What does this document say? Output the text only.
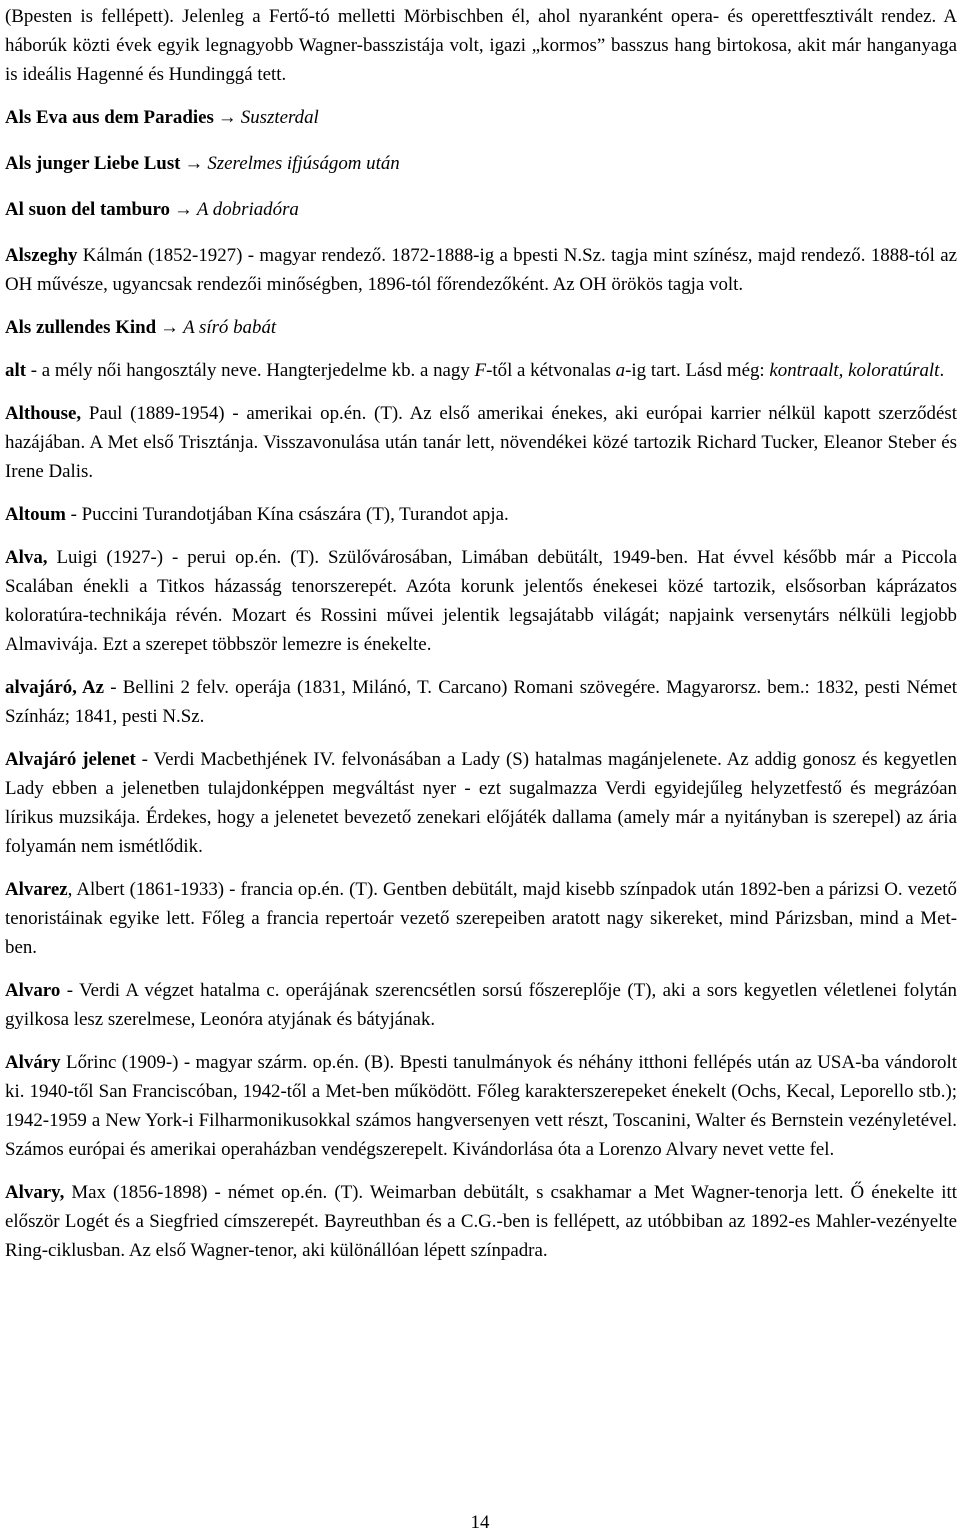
(Bpesten is fellépett). Jelenleg a Fertő-tó melletti Mörbischben él, ahol nyaranként opera- és operettfesztivált rendez. A háborúk közti évek egyik legnagyobb Wagner-basszistája volt, igazi „kormos” basszus hang birtokosa, akit már hanganyaga is ideális Hagenné és Hundinggá tett.

Als Eva aus dem Paradies → Suszterdal

Als junger Liebe Lust → Szerelmes ifjúságom után

Al suon del tamburo → A dobriadóra

Alszeghy Kálmán (1852-1927) - magyar rendező. 1872-1888-ig a bpesti N.Sz. tagja mint színész, majd rendező. 1888-tól az OH művésze, ugyancsak rendezői minőségben, 1896-tól főrendezőként. Az OH örökös tagja volt.

Als zullendes Kind → A síró babát

alt - a mély női hangosztály neve. Hangterjedelme kb. a nagy F-től a kétvonalas a-ig tart. Lásd még: kontraalt, koloratúralt.

Althouse, Paul (1889-1954) - amerikai op.én. (T). Az első amerikai énekes, aki európai karrier nélkül kapott szerződést hazájában. A Met első Trisztánja. Visszavonulása után tanár lett, növendékei közé tartozik Richard Tucker, Eleanor Steber és Irene Dalis.

Altoum - Puccini Turandotjában Kína császára (T), Turandot apja.

Alva, Luigi (1927-) - perui op.én. (T). Szülővárosában, Limában debütált, 1949-ben. Hat évvel később már a Piccola Scalában énekli a Titkos házasság tenorszerepét. Azóta korunk jelentős énekesei közé tartozik, elsősorban káprázatos koloratúra-technikája révén. Mozart és Rossini művei jelentik legsajátabb világát; napjaink versenytárs nélküli legjobb Almavivája. Ezt a szerepet többször lemezre is énekelte.

alvajáró, Az - Bellini 2 felv. operája (1831, Milánó, T. Carcano) Romani szövegére. Magyarorsz. bem.: 1832, pesti Német Színház; 1841, pesti N.Sz.

Alvajáró jelenet - Verdi Macbethjének IV. felvonásában a Lady (S) hatalmas magánjelenete. Az addig gonosz és kegyetlen Lady ebben a jelenetben tulajdonképpen megváltást nyer - ezt sugalmazza Verdi egyidejűleg helyzetfestő és megrázóan lírikus muzsikája. Érdekes, hogy a jelenetet bevezető zenekari előjáték dallama (amely már a nyitányban is szerepel) az ária folyamán nem ismétlődik.

Alvarez, Albert (1861-1933) - francia op.én. (T). Gentben debütált, majd kisebb színpadok után 1892-ben a párizsi O. vezető tenoristáinak egyike lett. Főleg a francia repertoár vezető szerepeiben aratott nagy sikereket, mind Párizsban, mind a Met-ben.

Alvaro - Verdi A végzet hatalma c. operájának szerencsétlen sorsú főszereplője (T), aki a sors kegyetlen véletlenei folytán gyilkosa lesz szerelmese, Leonóra atyjának és bátyjának.

Alváry Lőrinc (1909-) - magyar szárm. op.én. (B). Bpesti tanulmányok és néhány itthoni fellépés után az USA-ba vándorolt ki. 1940-től San Franciscóban, 1942-től a Met-ben működött. Főleg karakterszerepeket énekelt (Ochs, Kecal, Leporello stb.); 1942-1959 a New York-i Filharmonikusokkal számos hangversenyen vett részt, Toscanini, Walter és Bernstein vezényletével. Számos európai és amerikai operaházban vendégszerepelt. Kivándorlása óta a Lorenzo Alvary nevet vette fel.

Alvary, Max (1856-1898) - német op.én. (T). Weimarban debütált, s csakhamar a Met Wagner-tenorja lett. Ő énekelte itt először Logét és a Siegfried címszerepét. Bayreuthban és a C.G.-ben is fellépett, az utóbbiban az 1892-es Mahler-vezényelte Ring-ciklusban. Az első Wagner-tenor, aki különállóan lépett színpadra.

14
